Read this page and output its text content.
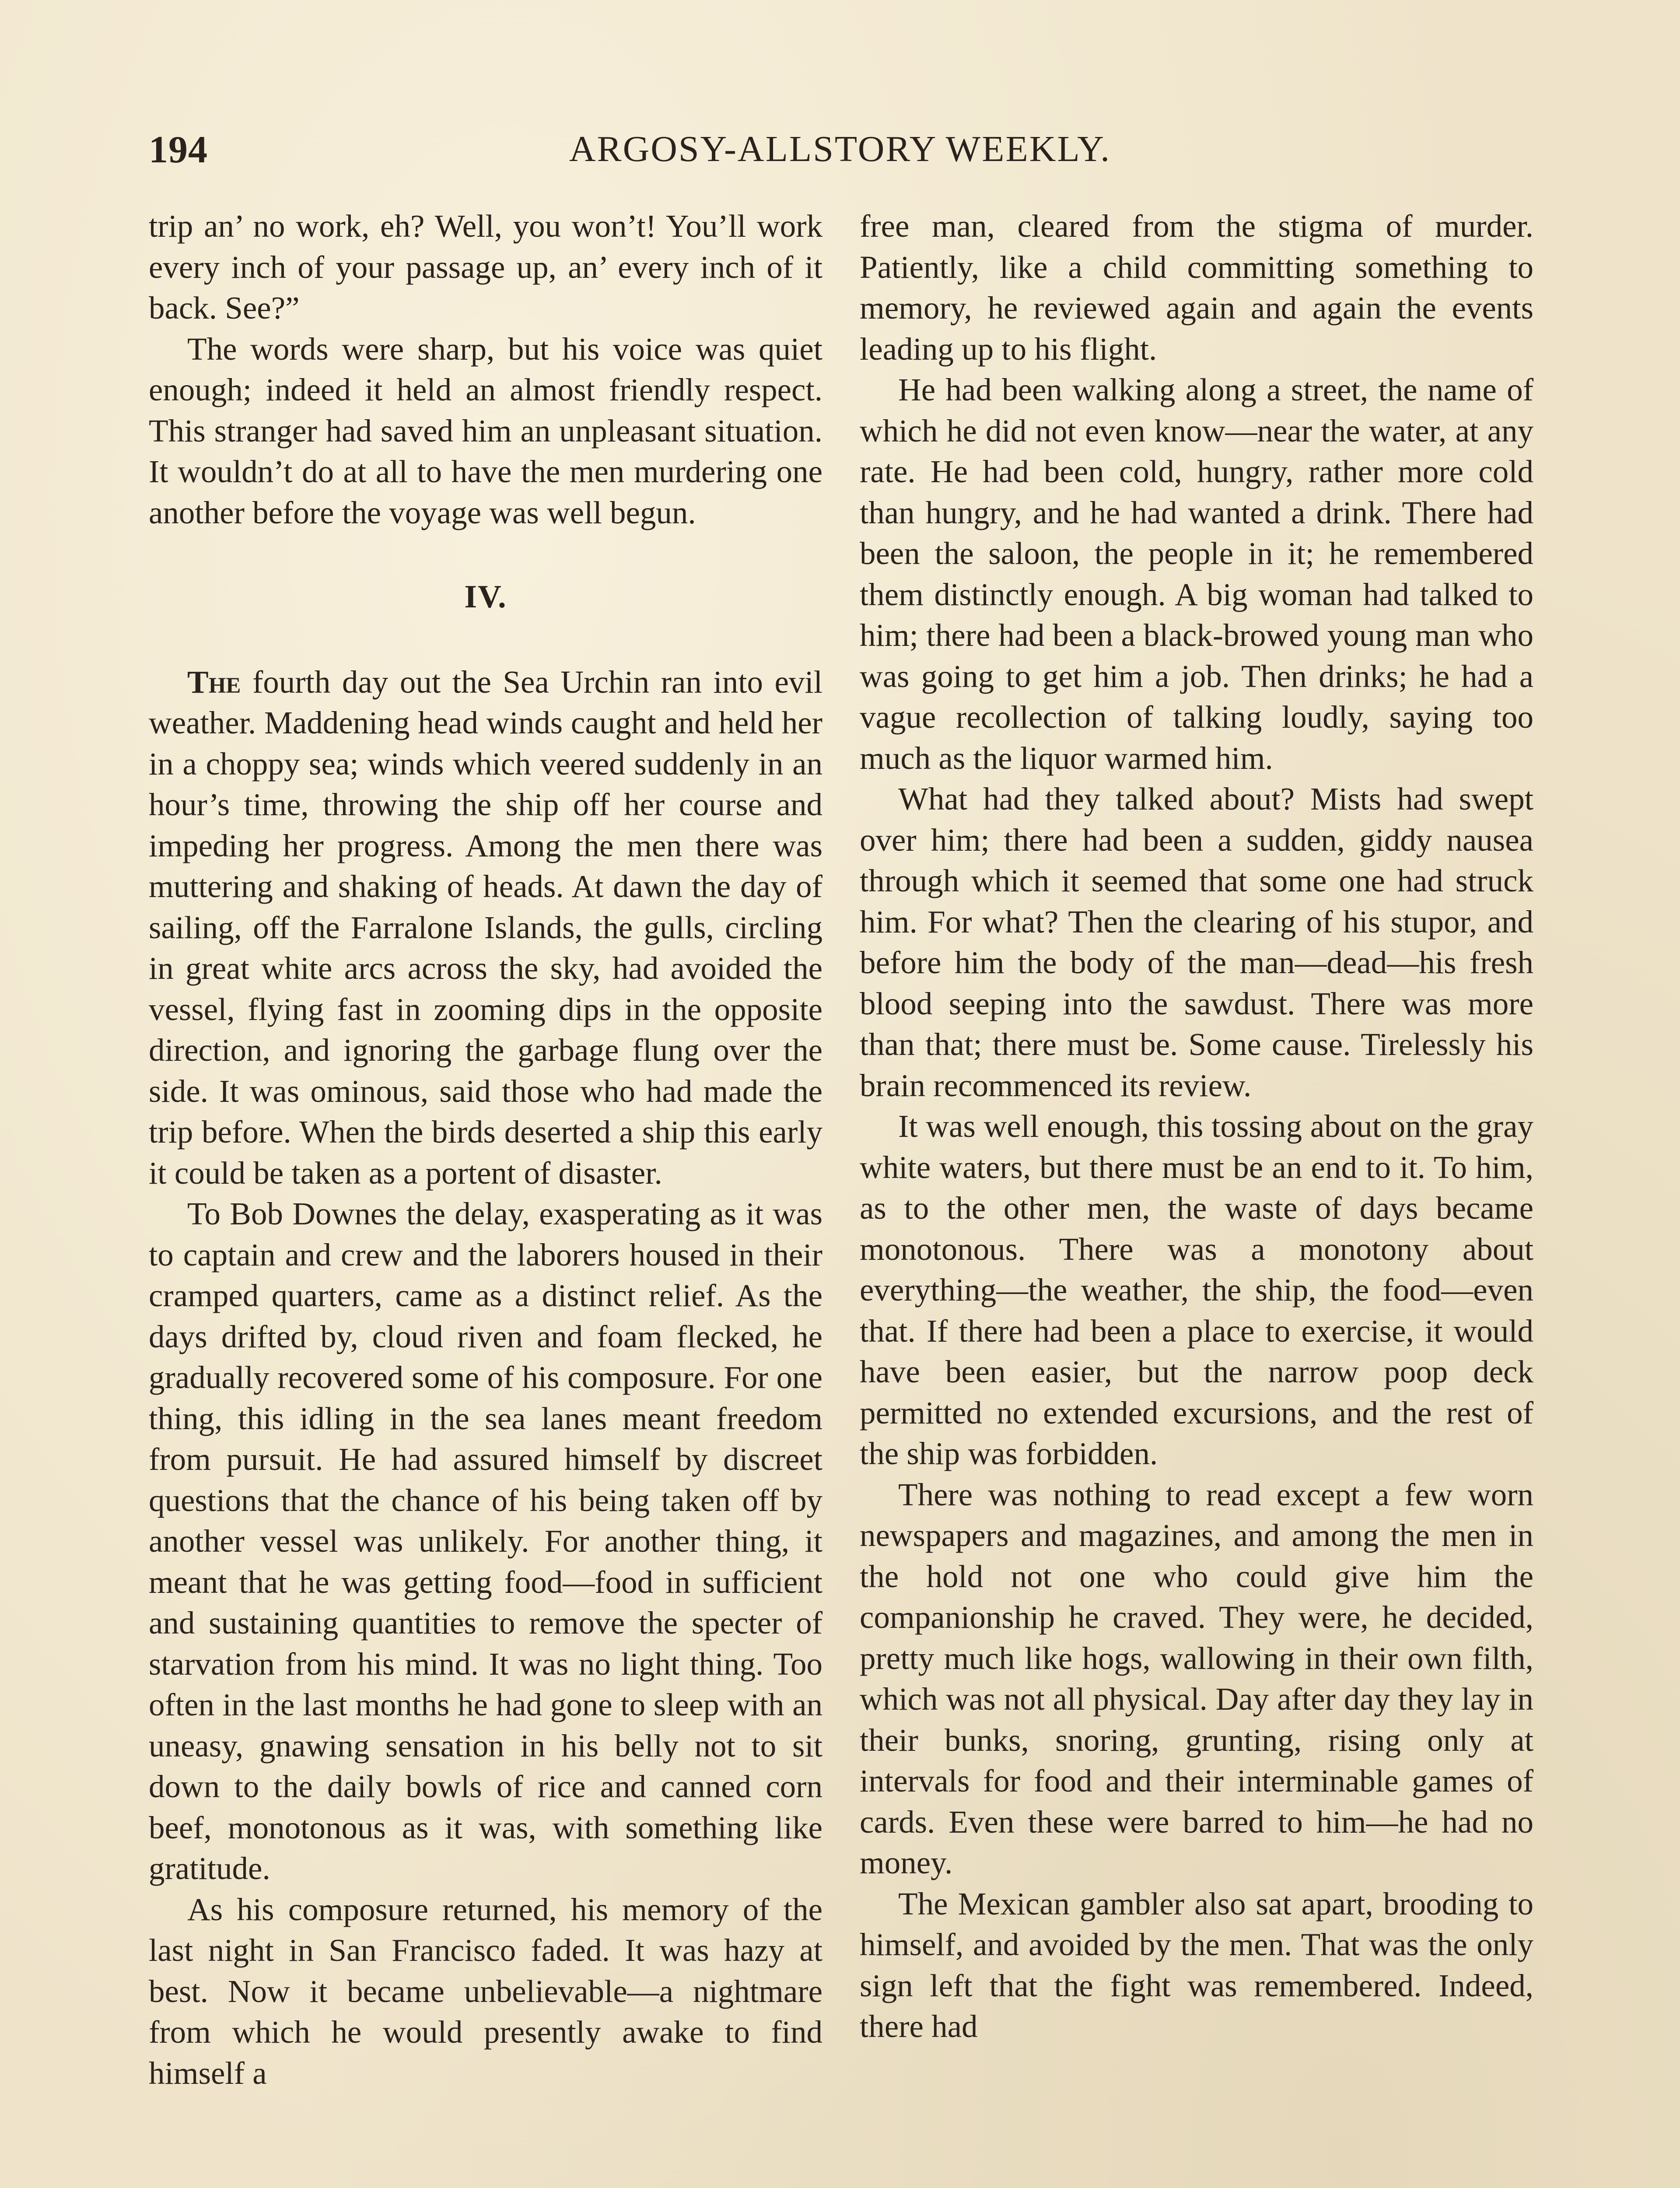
194	ARGOSY-ALLSTORY WEEKLY.

trip an’ no work, eh? Well, you won’t! You’ll work every inch of your passage up, an’ every inch of it back. See?”

The words were sharp, but his voice was quiet enough; indeed it held an almost friendly respect. This stranger had saved him an unpleasant situation. It wouldn’t do at all to have the men murdering one another before the voyage was well begun.

IV.

The fourth day out the Sea Urchin ran into evil weather. Maddening head winds caught and held her in a choppy sea; winds which veered suddenly in an hour’s time, throwing the ship off her course and impeding her progress. Among the men there was muttering and shaking of heads. At dawn the day of sailing, off the Farralone Islands, the gulls, circling in great white arcs across the sky, had avoided the vessel, flying fast in zooming dips in the opposite direction, and ignoring the garbage flung over the side. It was ominous, said those who had made the trip before. When the birds deserted a ship this early it could be taken as a portent of disaster.

To Bob Downes the delay, exasperating as it was to captain and crew and the laborers housed in their cramped quarters, came as a distinct relief. As the days drifted by, cloud riven and foam flecked, he gradually recovered some of his composure. For one thing, this idling in the sea lanes meant freedom from pursuit. He had assured himself by discreet questions that the chance of his being taken off by another vessel was unlikely. For another thing, it meant that he was getting food—food in sufficient and sustaining quantities to remove the specter of starvation from his mind. It was no light thing. Too often in the last months he had gone to sleep with an uneasy, gnawing sensation in his belly not to sit down to the daily bowls of rice and canned corn beef, monotonous as it was, with something like gratitude.

As his composure returned, his memory of the last night in San Francisco faded. It was hazy at best. Now it became unbelievable—a nightmare from which he would presently awake to find himself a

free man, cleared from the stigma of murder. Patiently, like a child committing something to memory, he reviewed again and again the events leading up to his flight.

He had been walking along a street, the name of which he did not even know—near the water, at any rate. He had been cold, hungry, rather more cold than hungry, and he had wanted a drink. There had been the saloon, the people in it; he remembered them distinctly enough. A big woman had talked to him; there had been a black-browed young man who was going to get him a job. Then drinks; he had a vague recollection of talking loudly, saying too much as the liquor warmed him.

What had they talked about? Mists had swept over him; there had been a sudden, giddy nausea through which it seemed that some one had struck him. For what? Then the clearing of his stupor, and before him the body of the man—dead—his fresh blood seeping into the sawdust. There was more than that; there must be. Some cause. Tirelessly his brain recommenced its review.

It was well enough, this tossing about on the gray white waters, but there must be an end to it. To him, as to the other men, the waste of days became monotonous. There was a monotony about everything—the weather, the ship, the food—even that. If there had been a place to exercise, it would have been easier, but the narrow poop deck permitted no extended excursions, and the rest of the ship was forbidden.

There was nothing to read except a few worn newspapers and magazines, and among the men in the hold not one who could give him the companionship he craved. They were, he decided, pretty much like hogs, wallowing in their own filth, which was not all physical. Day after day they lay in their bunks, snoring, grunting, rising only at intervals for food and their interminable games of cards. Even these were barred to him—he had no money.

The Mexican gambler also sat apart, brooding to himself, and avoided by the men. That was the only sign left that the fight was remembered. Indeed, there had
